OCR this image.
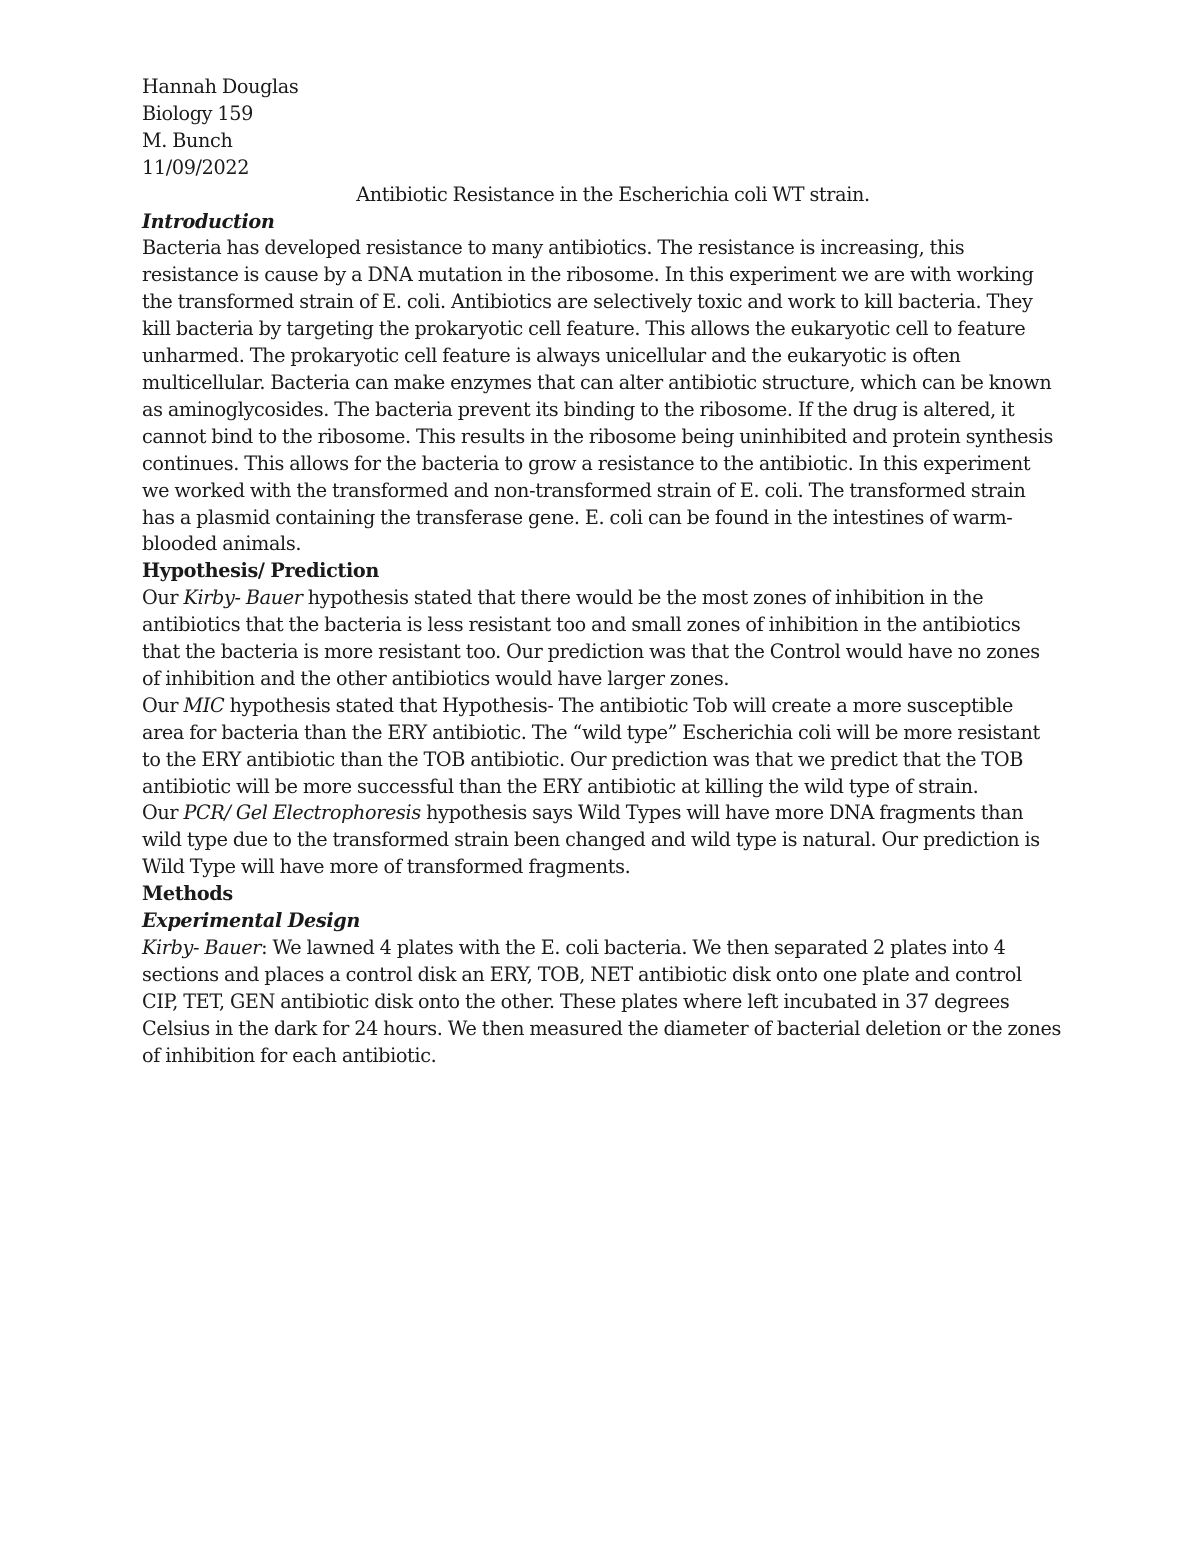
Hannah Douglas
Biology 159
M. Bunch
11/09/2022
Antibiotic Resistance in the Escherichia coli WT strain.
Introduction
Bacteria has developed resistance to many antibiotics. The resistance is increasing, this
resistance is cause by a DNA mutation in the ribosome. In this experiment we are with working
the transformed strain of E. coli. Antibiotics are selectively toxic and work to kill bacteria. They
kill bacteria by targeting the prokaryotic cell feature. This allows the eukaryotic cell to feature
unharmed. The prokaryotic cell feature is always unicellular and the eukaryotic is often
multicellular. Bacteria can make enzymes that can alter antibiotic structure, which can be known
as aminoglycosides. The bacteria prevent its binding to the ribosome. If the drug is altered, it
cannot bind to the ribosome. This results in the ribosome being uninhibited and protein synthesis
continues. This allows for the bacteria to grow a resistance to the antibiotic. In this experiment
we worked with the transformed and non-transformed strain of E. coli. The transformed strain
has a plasmid containing the transferase gene. E. coli can be found in the intestines of warm-
blooded animals.
Hypothesis/ Prediction
Our Kirby- Bauer hypothesis stated that there would be the most zones of inhibition in the
antibiotics that the bacteria is less resistant too and small zones of inhibition in the antibiotics
that the bacteria is more resistant too. Our prediction was that the Control would have no zones
of inhibition and the other antibiotics would have larger zones.
Our MIC hypothesis stated that Hypothesis- The antibiotic Tob will create a more susceptible
area for bacteria than the ERY antibiotic. The “wild type” Escherichia coli will be more resistant
to the ERY antibiotic than the TOB antibiotic. Our prediction was that we predict that the TOB
antibiotic will be more successful than the ERY antibiotic at killing the wild type of strain.
Our PCR/ Gel Electrophoresis hypothesis says Wild Types will have more DNA fragments than
wild type due to the transformed strain been changed and wild type is natural. Our prediction is
Wild Type will have more of transformed fragments.
Methods
Experimental Design
Kirby- Bauer: We lawned 4 plates with the E. coli bacteria. We then separated 2 plates into 4
sections and places a control disk an ERY, TOB, NET antibiotic disk onto one plate and control
CIP, TET, GEN antibiotic disk onto the other. These plates where left incubated in 37 degrees
Celsius in the dark for 24 hours. We then measured the diameter of bacterial deletion or the zones
of inhibition for each antibiotic.
